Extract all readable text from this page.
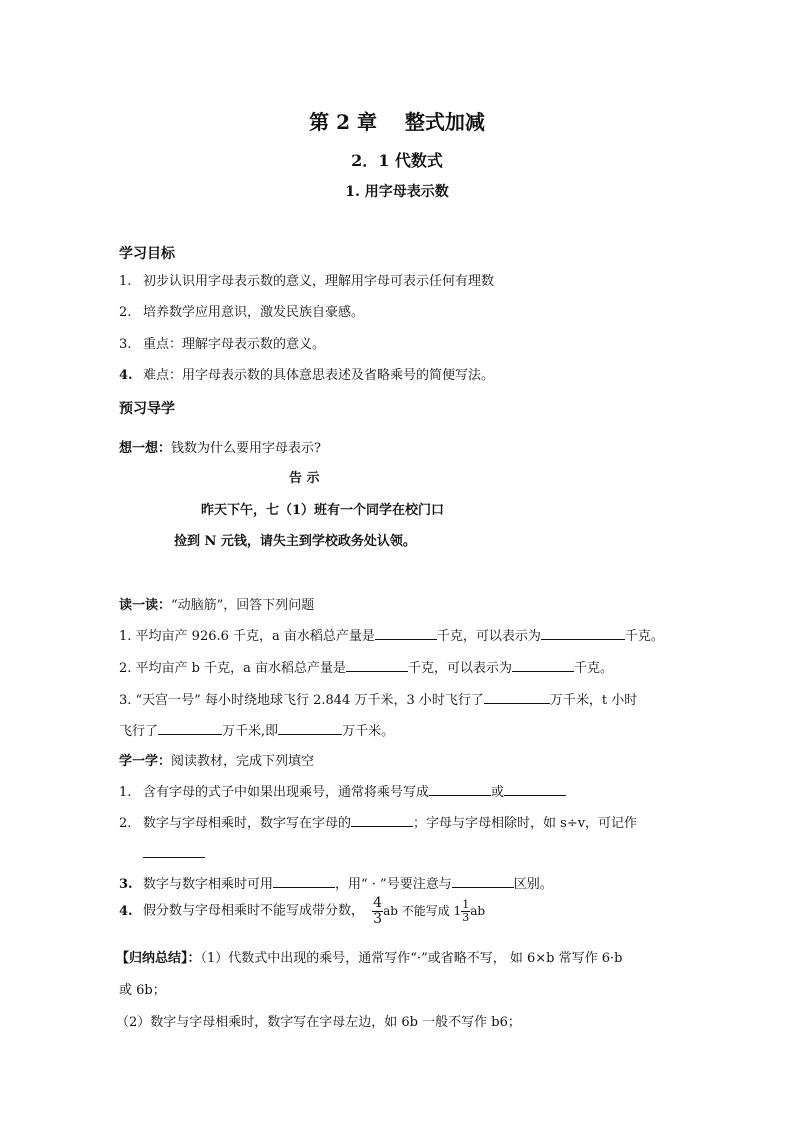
第 2 章 整式加减
2．1 代数式
1. 用字母表示数
学习目标
1. 初步认识用字母表示数的意义，理解用字母可表示任何有理数
2. 培养数学应用意识，激发民族自豪感。
3. 重点：理解字母表示数的意义。
4. 难点：用字母表示数的具体意思表述及省略乘号的简便写法。
预习导学
想一想：钱数为什么要用字母表示?
告 示
昨天下午，七（1）班有一个同学在校门口
捡到 N 元钱，请失主到学校政务处认领。
读一读：“动脑筋”，回答下列问题
1. 平均亩产 926.6 千克，a 亩水稻总产量是	千克，可以表示为	千克。
2. 平均亩产 b 千克，a 亩水稻总产量是	千克，可以表示为	千克。
3. “天宫一号” 每小时绕地球飞行 2.844 万千米，3 小时飞行了	万千米，t 小时
飞行了	万千米,即	万千米。
学一学：阅读教材，完成下列填空
1. 含有字母的式子中如果出现乘号，通常将乘号写成	或
2. 数字与字母相乘时，数字写在字母的	；字母与字母相除时，如 s÷v，可记作
3. 数字与数字相乘时可用	，用“ · ”号要注意与	区别。
4. 假分数与字母相乘时不能写成带分数， $\frac{4}{3}$ ab 不能写成 $1 \frac{1}{3}$ ab
【归纳总结】：（1）代数式中出现的乘号，通常写作“·”或省略不写， 如 6×b 常写作 6·b
或 6b；
（2）数字与字母相乘时，数字写在字母左边，如 6b 一般不写作 b6；
